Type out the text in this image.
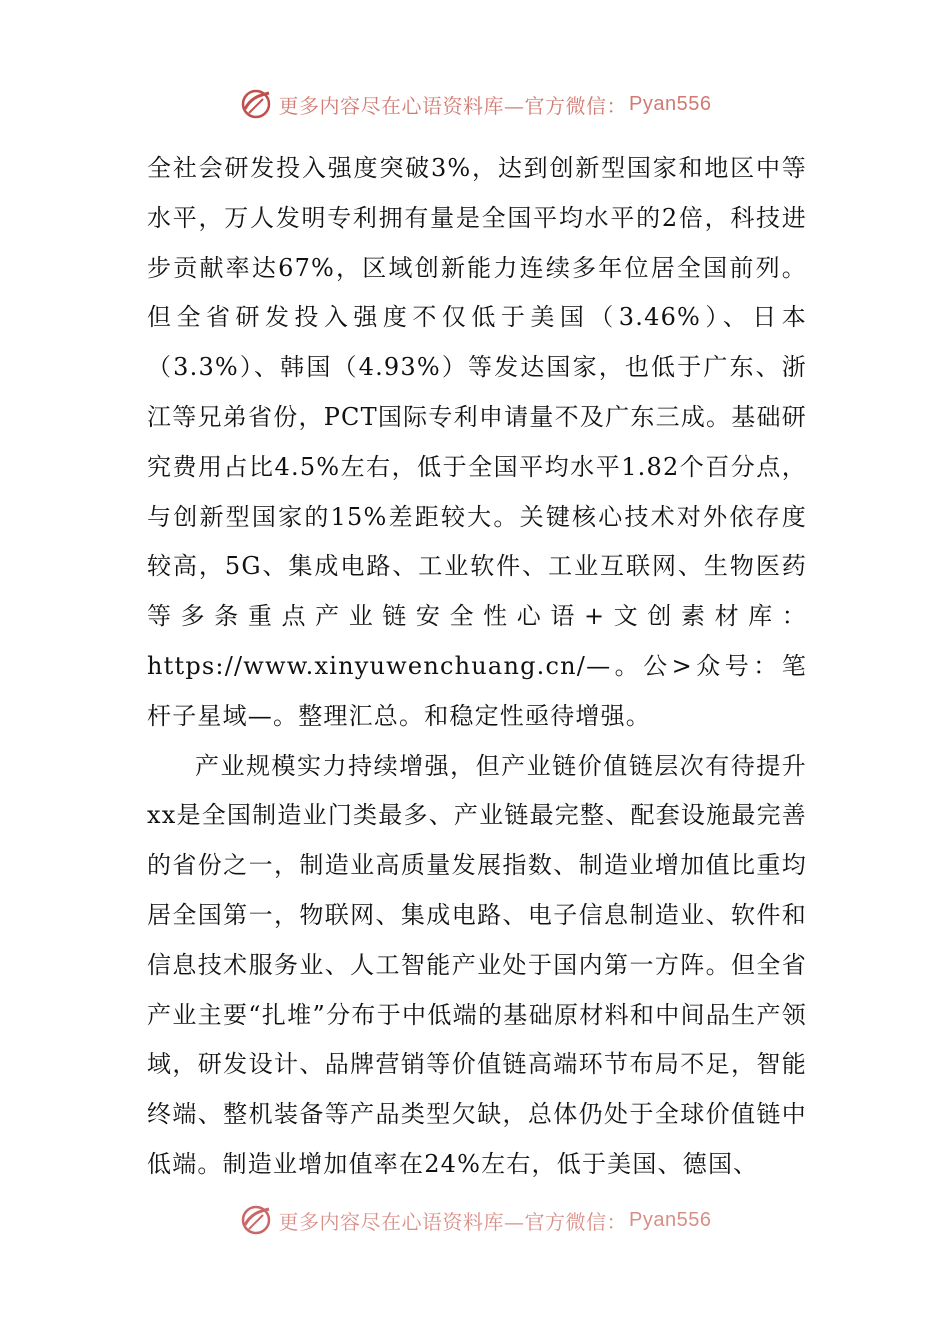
更多内容尽在心语资料库—官方微信： Pyan556

全社会研发投入强度突破3%，达到创新型国家和地区中等水平，万人发明专利拥有量是全国平均水平的2倍，科技进步贡献率达67%，区域创新能力连续多年位居全国前列。但全省研发投入强度不仅低于美国（3.46%）、日本（3.3%）、韩国（4.93%）等发达国家，也低于广东、浙江等兄弟省份，PCT国际专利申请量不及广东三成。基础研究费用占比4.5%左右，低于全国平均水平1.82个百分点，与创新型国家的15%差距较大。关键核心技术对外依存度较高，5G、集成电路、工业软件、工业互联网、生物医药等多条重点产业链安全性心语+文创素材库：https://www.xinyuwenchuang.cn/—。公>众号：笔杆子星域—。整理汇总。和稳定性亟待增强。

产业规模实力持续增强，但产业链价值链层次有待提升xx是全国制造业门类最多、产业链最完整、配套设施最完善的省份之一，制造业高质量发展指数、制造业增加值比重均居全国第一，物联网、集成电路、电子信息制造业、软件和信息技术服务业、人工智能产业处于国内第一方阵。但全省产业主要“扎堆”分布于中低端的基础原材料和中间品生产领域，研发设计、品牌营销等价值链高端环节布局不足，智能终端、整机装备等产品类型欠缺，总体仍处于全球价值链中低端。制造业增加值率在24%左右，低于美国、德国、

更多内容尽在心语资料库—官方微信： Pyan556
